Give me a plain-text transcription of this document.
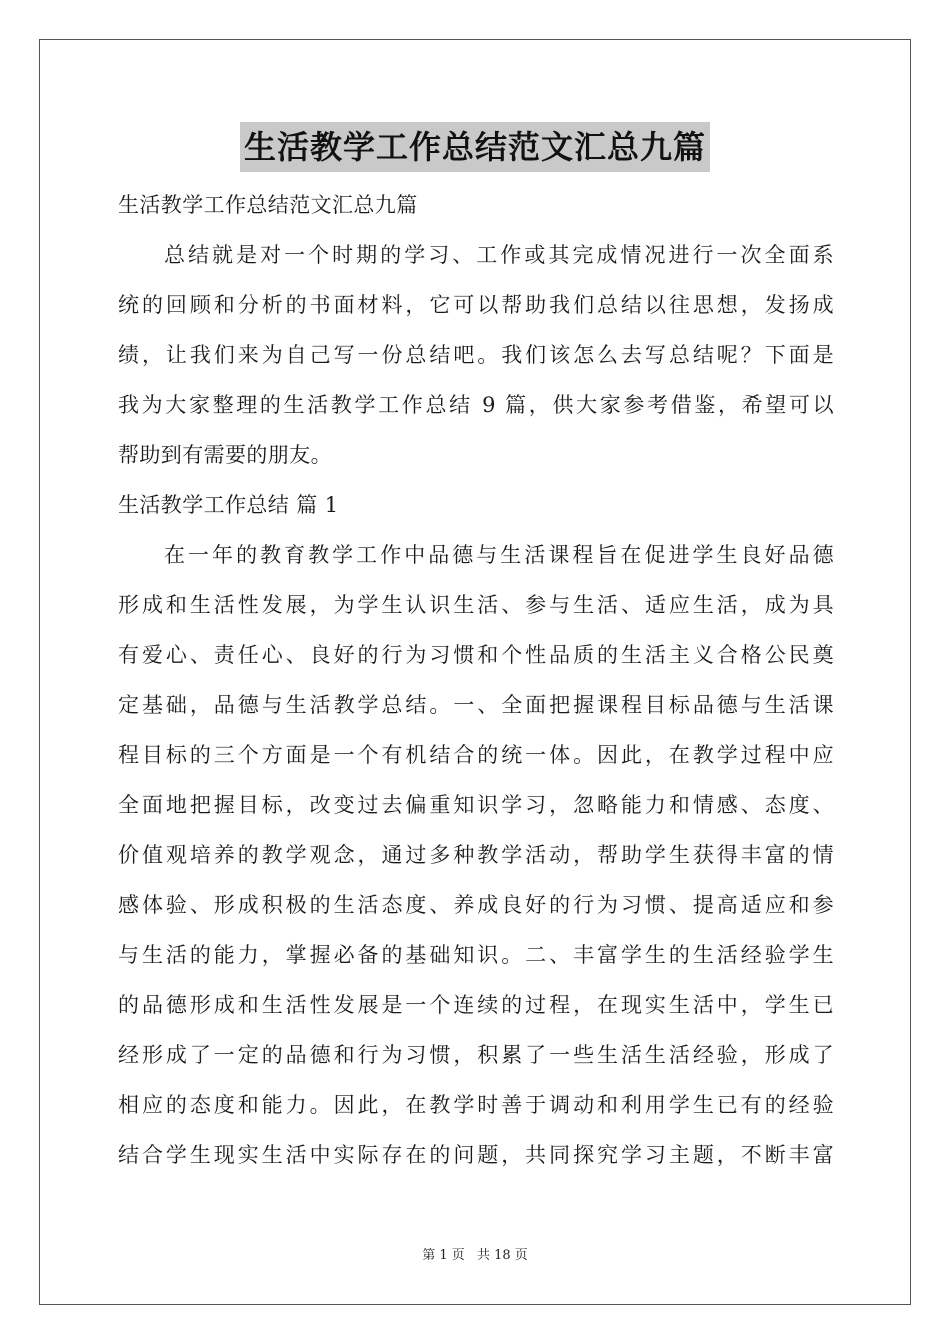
生活教学工作总结范文汇总九篇
生活教学工作总结范文汇总九篇
总结就是对一个时期的学习、工作或其完成情况进行一次全面系
统的回顾和分析的书面材料，它可以帮助我们总结以往思想，发扬成
绩，让我们来为自己写一份总结吧。我们该怎么去写总结呢？下面是
我为大家整理的生活教学工作总结 9 篇，供大家参考借鉴，希望可以
帮助到有需要的朋友。
生活教学工作总结 篇 1
在一年的教育教学工作中品德与生活课程旨在促进学生良好品德
形成和生活性发展，为学生认识生活、参与生活、适应生活，成为具
有爱心、责任心、良好的行为习惯和个性品质的生活主义合格公民奠
定基础，品德与生活教学总结。一、全面把握课程目标品德与生活课
程目标的三个方面是一个有机结合的统一体。因此，在教学过程中应
全面地把握目标，改变过去偏重知识学习，忽略能力和情感、态度、
价值观培养的教学观念，通过多种教学活动，帮助学生获得丰富的情
感体验、形成积极的生活态度、养成良好的行为习惯、提高适应和参
与生活的能力，掌握必备的基础知识。二、丰富学生的生活经验学生
的品德形成和生活性发展是一个连续的过程，在现实生活中，学生已
经形成了一定的品德和行为习惯，积累了一些生活生活经验，形成了
相应的态度和能力。因此，在教学时善于调动和利用学生已有的经验
结合学生现实生活中实际存在的问题，共同探究学习主题，不断丰富
第 1 页 共 18 页
